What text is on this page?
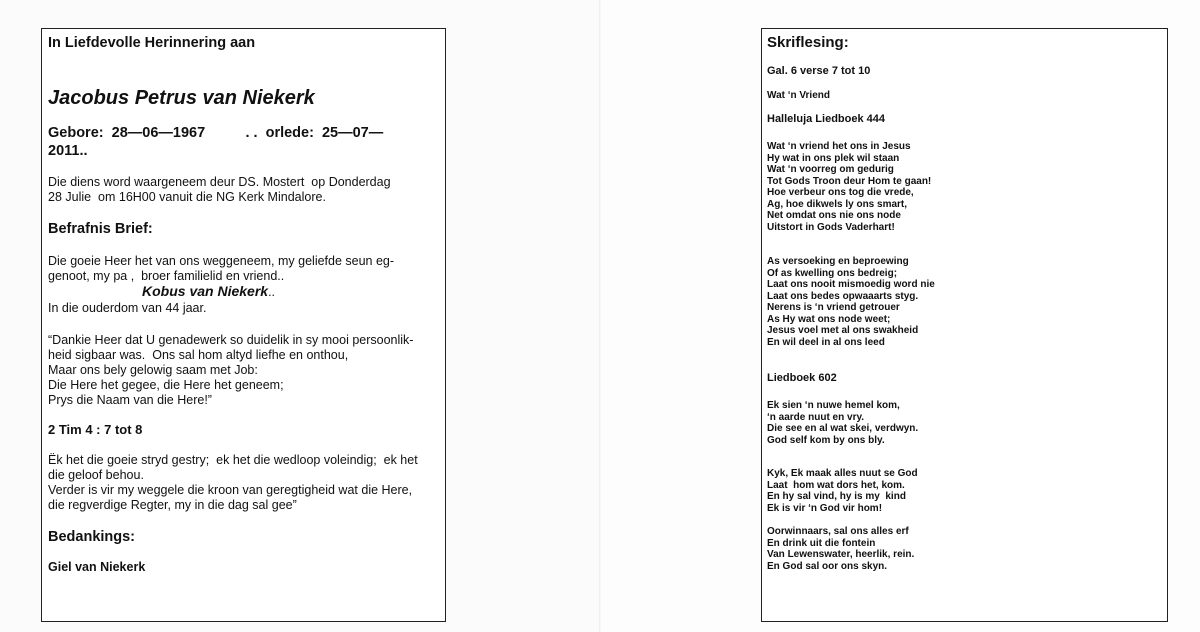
In Liefdevolle Herinnering aan
Jacobus Petrus van Niekerk
Gebore:  28—06—1967          . .  orlede:  25—07—
2011..
Die diens word waargeneem deur DS. Mostert  op Donderdag
28 Julie  om 16H00 vanuit die NG Kerk Mindalore.
Befrafnis Brief:
Die goeie Heer het van ons weggeneem, my geliefde seun eg-
genoot, my pa ,  broer familielid en vriend..
Kobus van Niekerk..
In die ouderdom van 44 jaar.
“Dankie Heer dat U genadewerk so duidelik in sy mooi persoonlik-
heid sigbaar was.  Ons sal hom altyd liefhe en onthou,
Maar ons bely gelowig saam met Job:
Die Here het gegee, die Here het geneem;
Prys die Naam van die Here!”
2 Tim 4 : 7 tot 8
Ëk het die goeie stryd gestry;  ek het die wedloop voleindig;  ek het
die geloof behou.
Verder is vir my weggele die kroon van geregtigheid wat die Here,
die regverdige Regter, my in die dag sal gee”
Bedankings:
Giel van Niekerk
Skriflesing:
Gal. 6 verse 7 tot 10
Wat ‘n Vriend
Halleluja Liedboek 444
Wat ‘n vriend het ons in Jesus
Hy wat in ons plek wil staan
Wat ‘n voorreg om gedurig
Tot Gods Troon deur Hom te gaan!
Hoe verbeur ons tog die vrede,
Ag, hoe dikwels ly ons smart,
Net omdat ons nie ons node
Uitstort in Gods Vaderhart!
As versoeking en beproewing
Of as kwelling ons bedreig;
Laat ons nooit mismoedig word nie
Laat ons bedes opwaaarts styg.
Nerens is ‘n vriend getrouer
As Hy wat ons node weet;
Jesus voel met al ons swakheid
En wil deel in al ons leed
Liedboek 602
Ek sien ‘n nuwe hemel kom,
‘n aarde nuut en vry.
Die see en al wat skei, verdwyn.
God self kom by ons bly.
Kyk, Ek maak alles nuut se God
Laat  hom wat dors het, kom.
En hy sal vind, hy is my  kind
Ek is vir ‘n God vir hom!
Oorwinnaars, sal ons alles erf
En drink uit die fontein
Van Lewenswater, heerlik, rein.
En God sal oor ons skyn.
